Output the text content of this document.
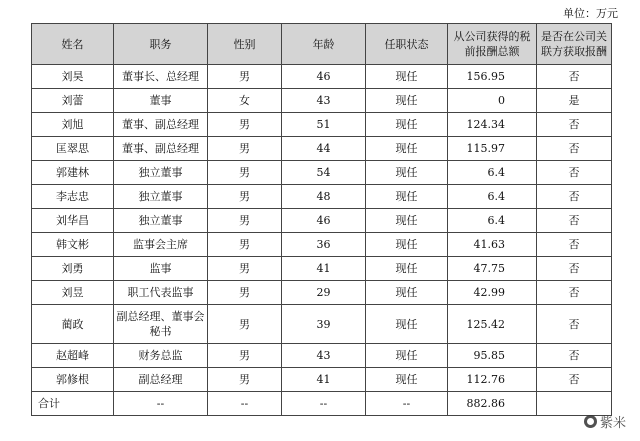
单位：万元
姓名	职务	性别	年龄	任职状态	从公司获得的税前报酬总额	是否在公司关联方获取报酬
刘昊	董事长、总经理	男	46	现任	156.95	否
刘蕾	董事	女	43	现任	0	是
刘旭	董事、副总经理	男	51	现任	124.34	否
匡翠思	董事、副总经理	男	44	现任	115.97	否
郭建林	独立董事	男	54	现任	6.4	否
李志忠	独立董事	男	48	现任	6.4	否
刘华昌	独立董事	男	46	现任	6.4	否
韩文彬	监事会主席	男	36	现任	41.63	否
刘勇	监事	男	41	现任	47.75	否
刘昱	职工代表监事	男	29	现任	42.99	否
蔺政	副总经理、董事会秘书	男	39	现任	125.42	否
赵超峰	财务总监	男	43	现任	95.85	否
郭修根	副总经理	男	41	现任	112.76	否
合计	--	--	--	--	882.86	
紫米
